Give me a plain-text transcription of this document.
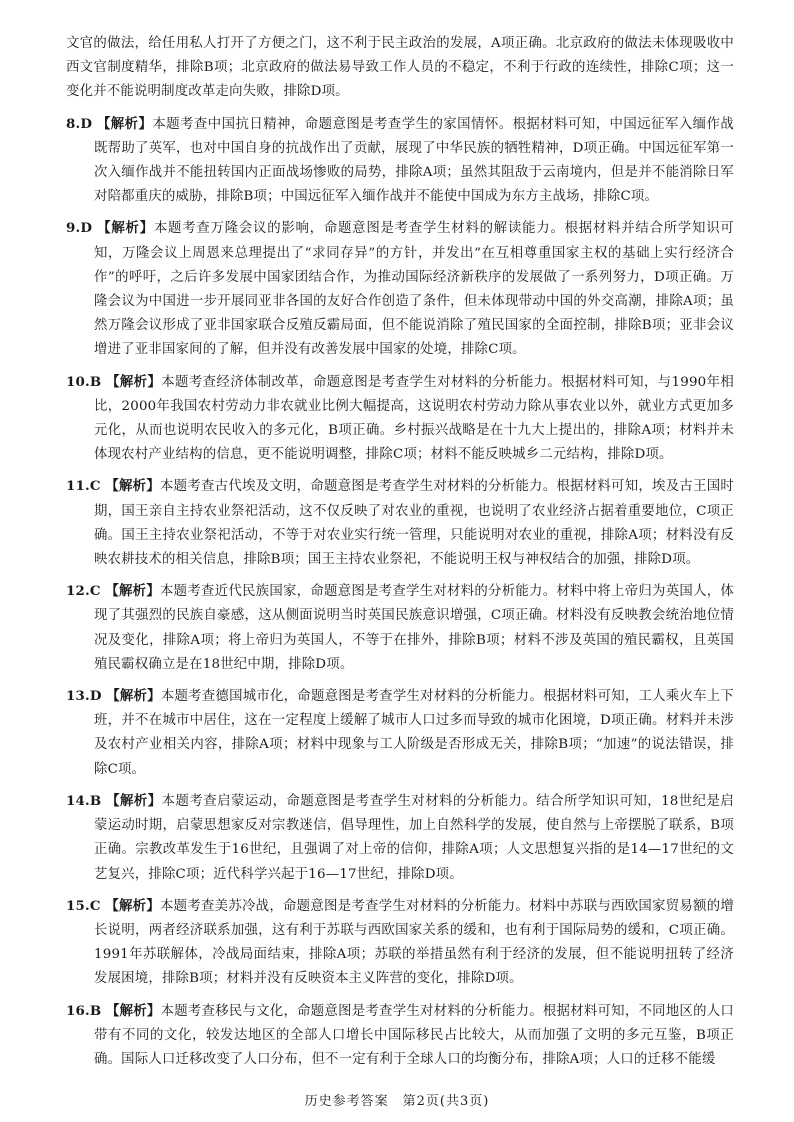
文官的做法，给任用私人打开了方便之门，这不利于民主政治的发展，A项正确。北京政府的做法未体现吸收中西文官制度精华，排除B项；北京政府的做法易导致工作人员的不稳定，不利于行政的连续性，排除C项；这一变化并不能说明制度改革走向失败，排除D项。

8.D 【解析】本题考查中国抗日精神，命题意图是考查学生的家国情怀。根据材料可知，中国远征军入缅作战既帮助了英军，也对中国自身的抗战作出了贡献，展现了中华民族的牺牲精神，D项正确。中国远征军第一次入缅作战并不能扭转国内正面战场惨败的局势，排除A项；虽然其阻敌于云南境内，但是并不能消除日军对陪都重庆的威胁，排除B项；中国远征军入缅作战并不能使中国成为东方主战场，排除C项。

9.D 【解析】本题考查万隆会议的影响，命题意图是考查学生材料的解读能力。根据材料并结合所学知识可知，万隆会议上周恩来总理提出了“求同存异”的方针，并发出“在互相尊重国家主权的基础上实行经济合作”的呼吁，之后许多发展中国家团结合作，为推动国际经济新秩序的发展做了一系列努力，D项正确。万隆会议为中国进一步开展同亚非各国的友好合作创造了条件，但未体现带动中国的外交高潮，排除A项；虽然万隆会议形成了亚非国家联合反殖反霸局面，但不能说消除了殖民国家的全面控制，排除B项；亚非会议增进了亚非国家间的了解，但并没有改善发展中国家的处境，排除C项。

10.B 【解析】本题考查经济体制改革，命题意图是考查学生对材料的分析能力。根据材料可知，与1990年相比，2000年我国农村劳动力非农就业比例大幅提高，这说明农村劳动力除从事农业以外，就业方式更加多元化，从而也说明农民收入的多元化，B项正确。乡村振兴战略是在十九大上提出的，排除A项；材料并未体现农村产业结构的信息，更不能说明调整，排除C项；材料不能反映城乡二元结构，排除D项。

11.C 【解析】本题考查古代埃及文明，命题意图是考查学生对材料的分析能力。根据材料可知，埃及古王国时期，国王亲自主持农业祭祀活动，这不仅反映了对农业的重视，也说明了农业经济占据着重要地位，C项正确。国王主持农业祭祀活动，不等于对农业实行统一管理，只能说明对农业的重视，排除A项；材料没有反映农耕技术的相关信息，排除B项；国王主持农业祭祀，不能说明王权与神权结合的加强，排除D项。

12.C 【解析】本题考查近代民族国家，命题意图是考查学生对材料的分析能力。材料中将上帝归为英国人，体现了其强烈的民族自豪感，这从侧面说明当时英国民族意识增强，C项正确。材料没有反映教会统治地位情况及变化，排除A项；将上帝归为英国人，不等于在排外，排除B项；材料不涉及英国的殖民霸权，且英国殖民霸权确立是在18世纪中期，排除D项。

13.D 【解析】本题考查德国城市化，命题意图是考查学生对材料的分析能力。根据材料可知，工人乘火车上下班，并不在城市中居住，这在一定程度上缓解了城市人口过多而导致的城市化困境，D项正确。材料并未涉及农村产业相关内容，排除A项；材料中现象与工人阶级是否形成无关，排除B项；“加速”的说法错误，排除C项。

14.B 【解析】本题考查启蒙运动，命题意图是考查学生对材料的分析能力。结合所学知识可知，18世纪是启蒙运动时期，启蒙思想家反对宗教迷信，倡导理性，加上自然科学的发展，使自然与上帝摆脱了联系，B项正确。宗教改革发生于16世纪，且强调了对上帝的信仰，排除A项；人文思想复兴指的是14—17世纪的文艺复兴，排除C项；近代科学兴起于16—17世纪，排除D项。

15.C 【解析】本题考查美苏冷战，命题意图是考查学生对材料的分析能力。材料中苏联与西欧国家贸易额的增长说明，两者经济联系加强，这有利于苏联与西欧国家关系的缓和，也有利于国际局势的缓和，C项正确。1991年苏联解体，冷战局面结束，排除A项；苏联的举措虽然有利于经济的发展，但不能说明扭转了经济发展困境，排除B项；材料并没有反映资本主义阵营的变化，排除D项。

16.B 【解析】本题考查移民与文化，命题意图是考查学生对材料的分析能力。根据材料可知，不同地区的人口带有不同的文化，较发达地区的全部人口增长中国际移民占比较大，从而加强了文明的多元互鉴，B项正确。国际人口迁移改变了人口分布，但不一定有利于全球人口的均衡分布，排除A项；人口的迁移不能缓

历史参考答案　第2页(共3页)
